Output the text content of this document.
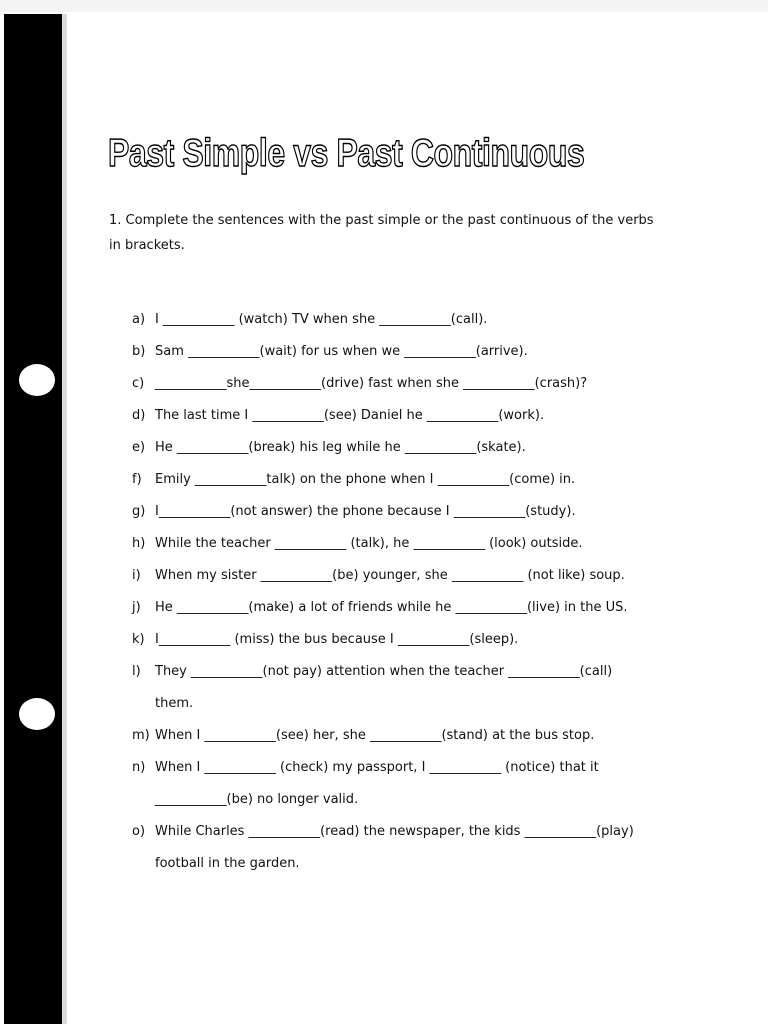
Past Simple vs Past Continuous

1. Complete the sentences with the past simple or the past continuous of the verbs in brackets.

a) I ___________ (watch) TV when she ___________(call).
b) Sam ___________(wait) for us when we ___________(arrive).
c) ___________she___________(drive) fast when she ___________(crash)?
d) The last time I ___________(see) Daniel he ___________(work).
e) He ___________(break) his leg while he ___________(skate).
f)	Emily ___________talk) on the phone when I ___________(come) in.
g) I___________(not answer) the phone because I ___________(study).
h) While the teacher ___________ (talk), he ___________ (look) outside.
i)	When my sister ___________(be) younger, she ___________ (not like) soup.
j)	He ___________(make) a lot of friends while he ___________(live) in the US.
k) I___________ (miss) the bus because I ___________(sleep).
l)	They ___________(not pay) attention when the teacher ___________(call)
them.
m) When I ___________(see) her, she ___________(stand) at the bus stop.
n) When I ___________ (check) my passport, I ___________ (notice) that it
___________(be) no longer valid.
o) While Charles ___________(read) the newspaper, the kids ___________(play)
football in the garden.
